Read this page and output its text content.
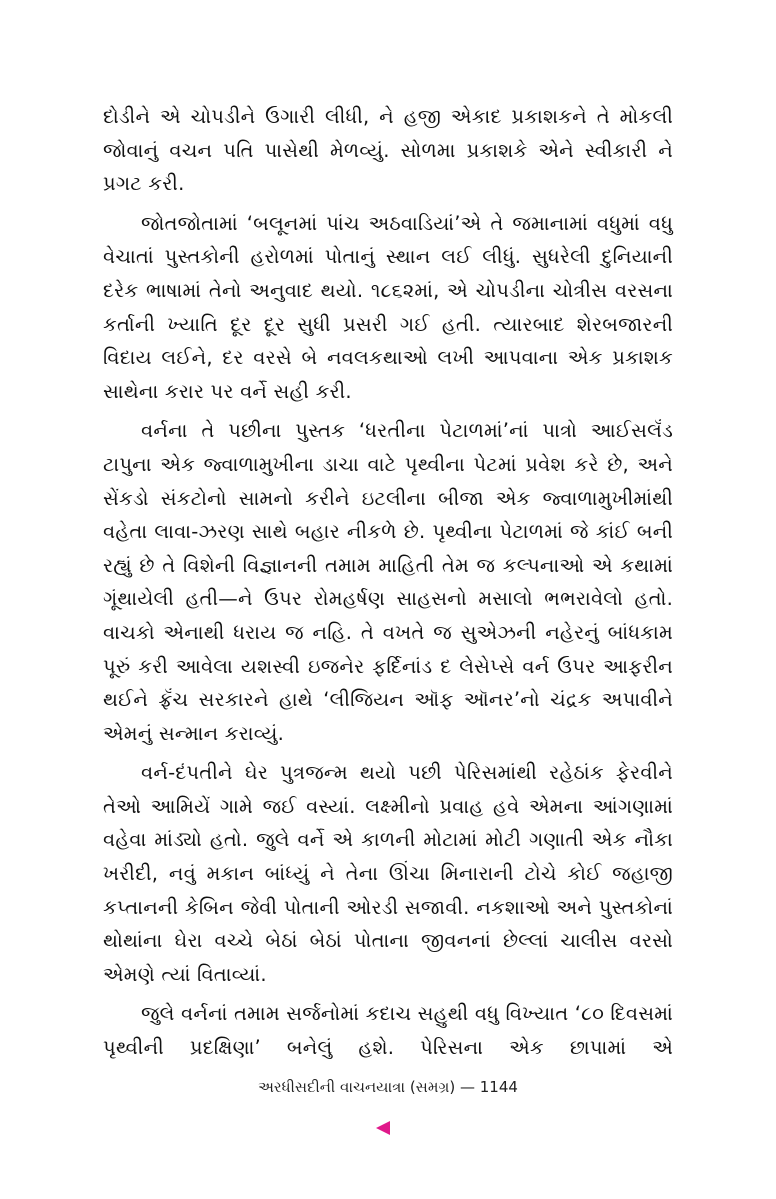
દોડીને એ ચોપડીને ઉગારી લીધી, ને હજી એકાદ પ્રકાશકને તે મોકલી જોવાનું વચન પતિ પાસેથી મેળવ્યું. સોળમા પ્રકાશકે એને સ્વીકારી ને પ્રગટ કરી.

જોતજોતામાં ‘બલૂનમાં પાંચ અઠવાડિયાં’એ તે જમાનામાં વધુમાં વધુ વેચાતાં પુસ્તકોની હરોળમાં પોતાનું સ્થાન લઈ લીધું. સુધરેલી દુનિયાની દરેક ભાષામાં તેનો અનુવાદ થયો. ૧૮૬૨માં, એ ચોપડીના ચોત્રીસ વરસના કર્તાની ખ્યાતિ દૂર દૂર સુધી પ્રસરી ગઈ હતી. ત્યારબાદ શેરબજારની વિદાય લઈને, દર વરસે બે નવલકથાઓ લખી આપવાના એક પ્રકાશક સાથેના કરાર પર વર્ને સહી કરી.

વર્નના તે પછીના પુસ્તક ‘ધરતીના પેટાળમાં’નાં પાત્રો આઈસલૅંડ ટાપુના એક જ્વાળામુખીના ડાચા વાટે પૃથ્વીના પેટમાં પ્રવેશ કરે છે, અને સેંકડો સંકટોનો સામનો કરીને ઇટલીના બીજા એક જ્વાળામુખીમાંથી વહેતા લાવા-ઝરણ સાથે બહાર નીકળે છે. પૃથ્વીના પેટાળમાં જે કાંઈ બની રહ્યું છે તે વિશેની વિજ્ઞાનની તમામ માહિતી તેમ જ કલ્પનાઓ એ કથામાં ગૂંથાયેલી હતી—ને ઉપર રોમહર્ષણ સાહસનો મસાલો ભભરાવેલો હતો. વાચકો એનાથી ધરાય જ નહિ. તે વખતે જ સુએઝની નહેરનું બાંધકામ પૂરું કરી આવેલા યશસ્વી ઇજનેર ફર્દિનાંડ દ લેસેપ્સે વર્ન ઉપર આફરીન થઈને ફ્રૅંચ સરકારને હાથે ‘લીજિયન ઑફ ઑનર’નો ચંદ્રક અપાવીને એમનું સન્માન કરાવ્યું.

વર્ન-દંપતીને ઘેર પુત્રજન્મ થયો પછી પેરિસમાંથી રહેઠાંક ફેરવીને તેઓ આમિયેં ગામે જઈ વસ્યાં. લક્ષ્મીનો પ્રવાહ હવે એમના આંગણામાં વહેવા માંડ્યો હતો. જુલે વર્ને એ કાળની મોટામાં મોટી ગણાતી એક નૌકા ખરીદી, નવું મકાન બાંધ્યું ને તેના ઊંચા મિનારાની ટોચે કોઈ જહાજી કપ્તાનની કેબિન જેવી પોતાની ઓરડી સજાવી. નકશાઓ અને પુસ્તકોનાં થોથાંના ઘેરા વચ્ચે બેઠાં બેઠાં પોતાના જીવનનાં છેલ્લાં ચાલીસ વરસો એમણે ત્યાં વિતાવ્યાં.

જુલે વર્નનાં તમામ સર્જનોમાં કદાચ સહુથી વધુ વિખ્યાત ‘૮૦ દિવસમાં પૃથ્વીની પ્રદક્ષિણા’ બનેલું હશે. પેરિસના એક છાપામાં એ

અરધીસદીની વાચનયાત્રા (સમગ્ર) — 1144
